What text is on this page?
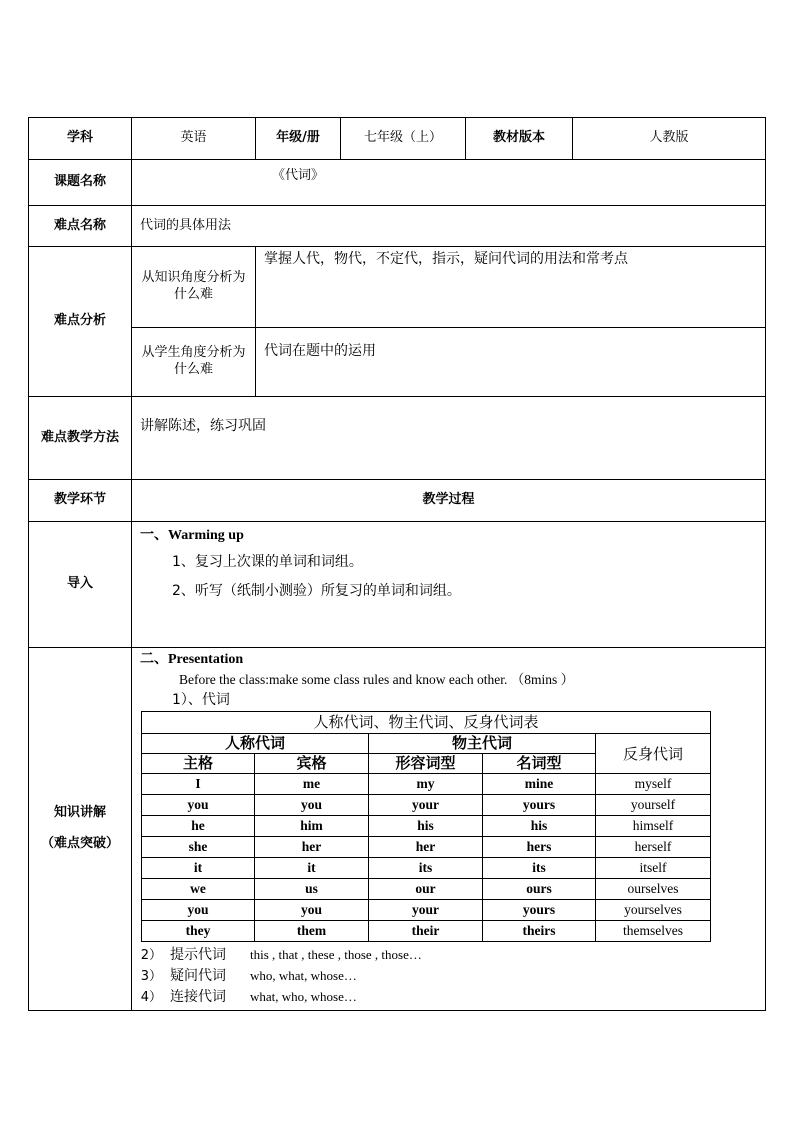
学科	英语	年级/册	七年级（上）	教材版本	人教版
课题名称	《代词》

难点名称	代词的具体用法
难点分析	从知识角度分析为什么难	掌握人代，物代，不定代，指示，疑问代词的用法和常考点
从学生角度分析为什么难	代词在题中的运用
难点教学方法	讲解陈述，练习巩固
教学环节	教学过程
导入	
一、Warming up
1、复习上次课的单词和词组。
2、听写（纸制小测验）所复习的单词和词组。

知识讲解
（难点突破）

二、Presentation
Before the class:make some class rules and know each other. （8mins ）
1）、代词
人称代词、物主代词、反身代词表
人称代词	物主代词	反身代词
主格	宾格	形容词型	名词型
I	me	my	mine	myself
you	you	your	yours	yourself
he	him	his	his	himself
she	her	her	hers	herself
it	it	its	its	itself
we	us	our	ours	ourselves
you	you	your	yours	yourselves
they	them	their	theirs	themselves
2） 提示代词 this , that , these , those , those…
3） 疑问代词 who, what, whose…
4） 连接代词 what, who, whose…
